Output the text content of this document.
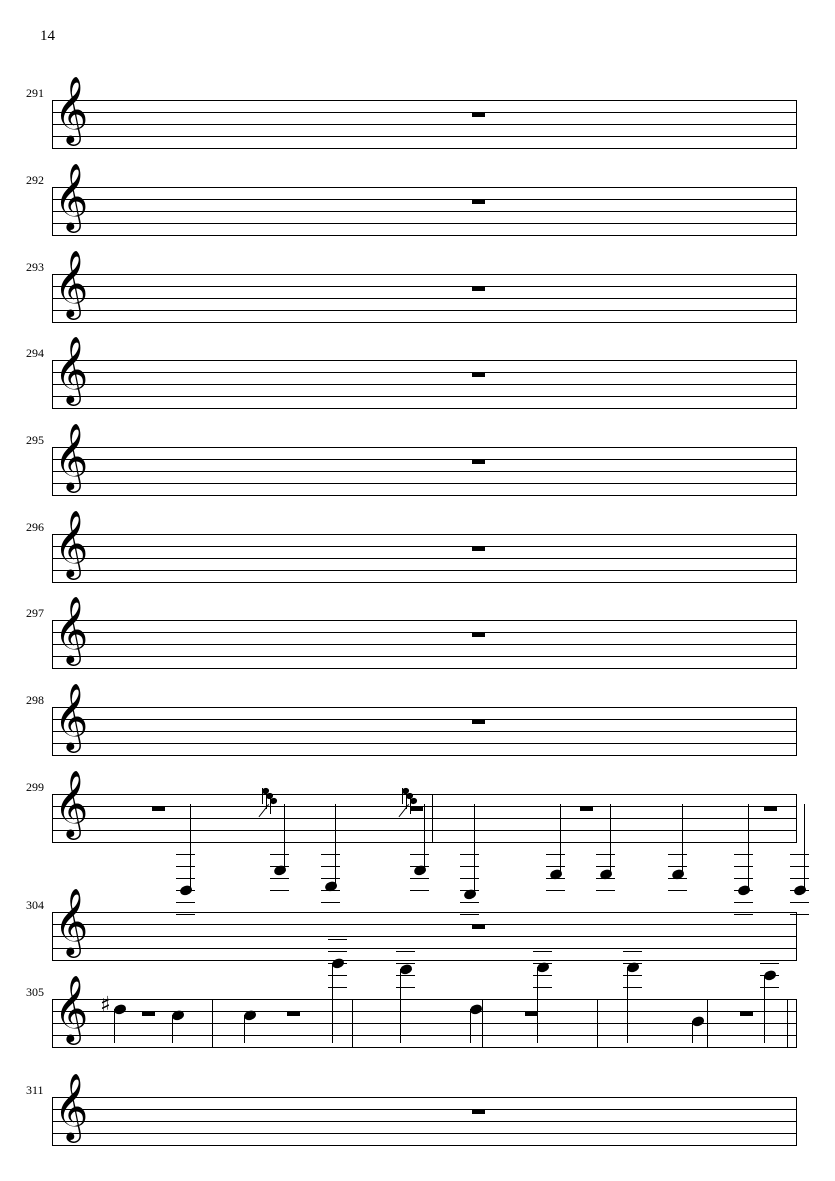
14
291 𝄞
292 𝄞
293 𝄞
294 𝄞
295 𝄞
296 𝄞
297 𝄞
298 𝄞
299 𝄞
304 𝄞
305
♯
𝄞
311 𝄞
